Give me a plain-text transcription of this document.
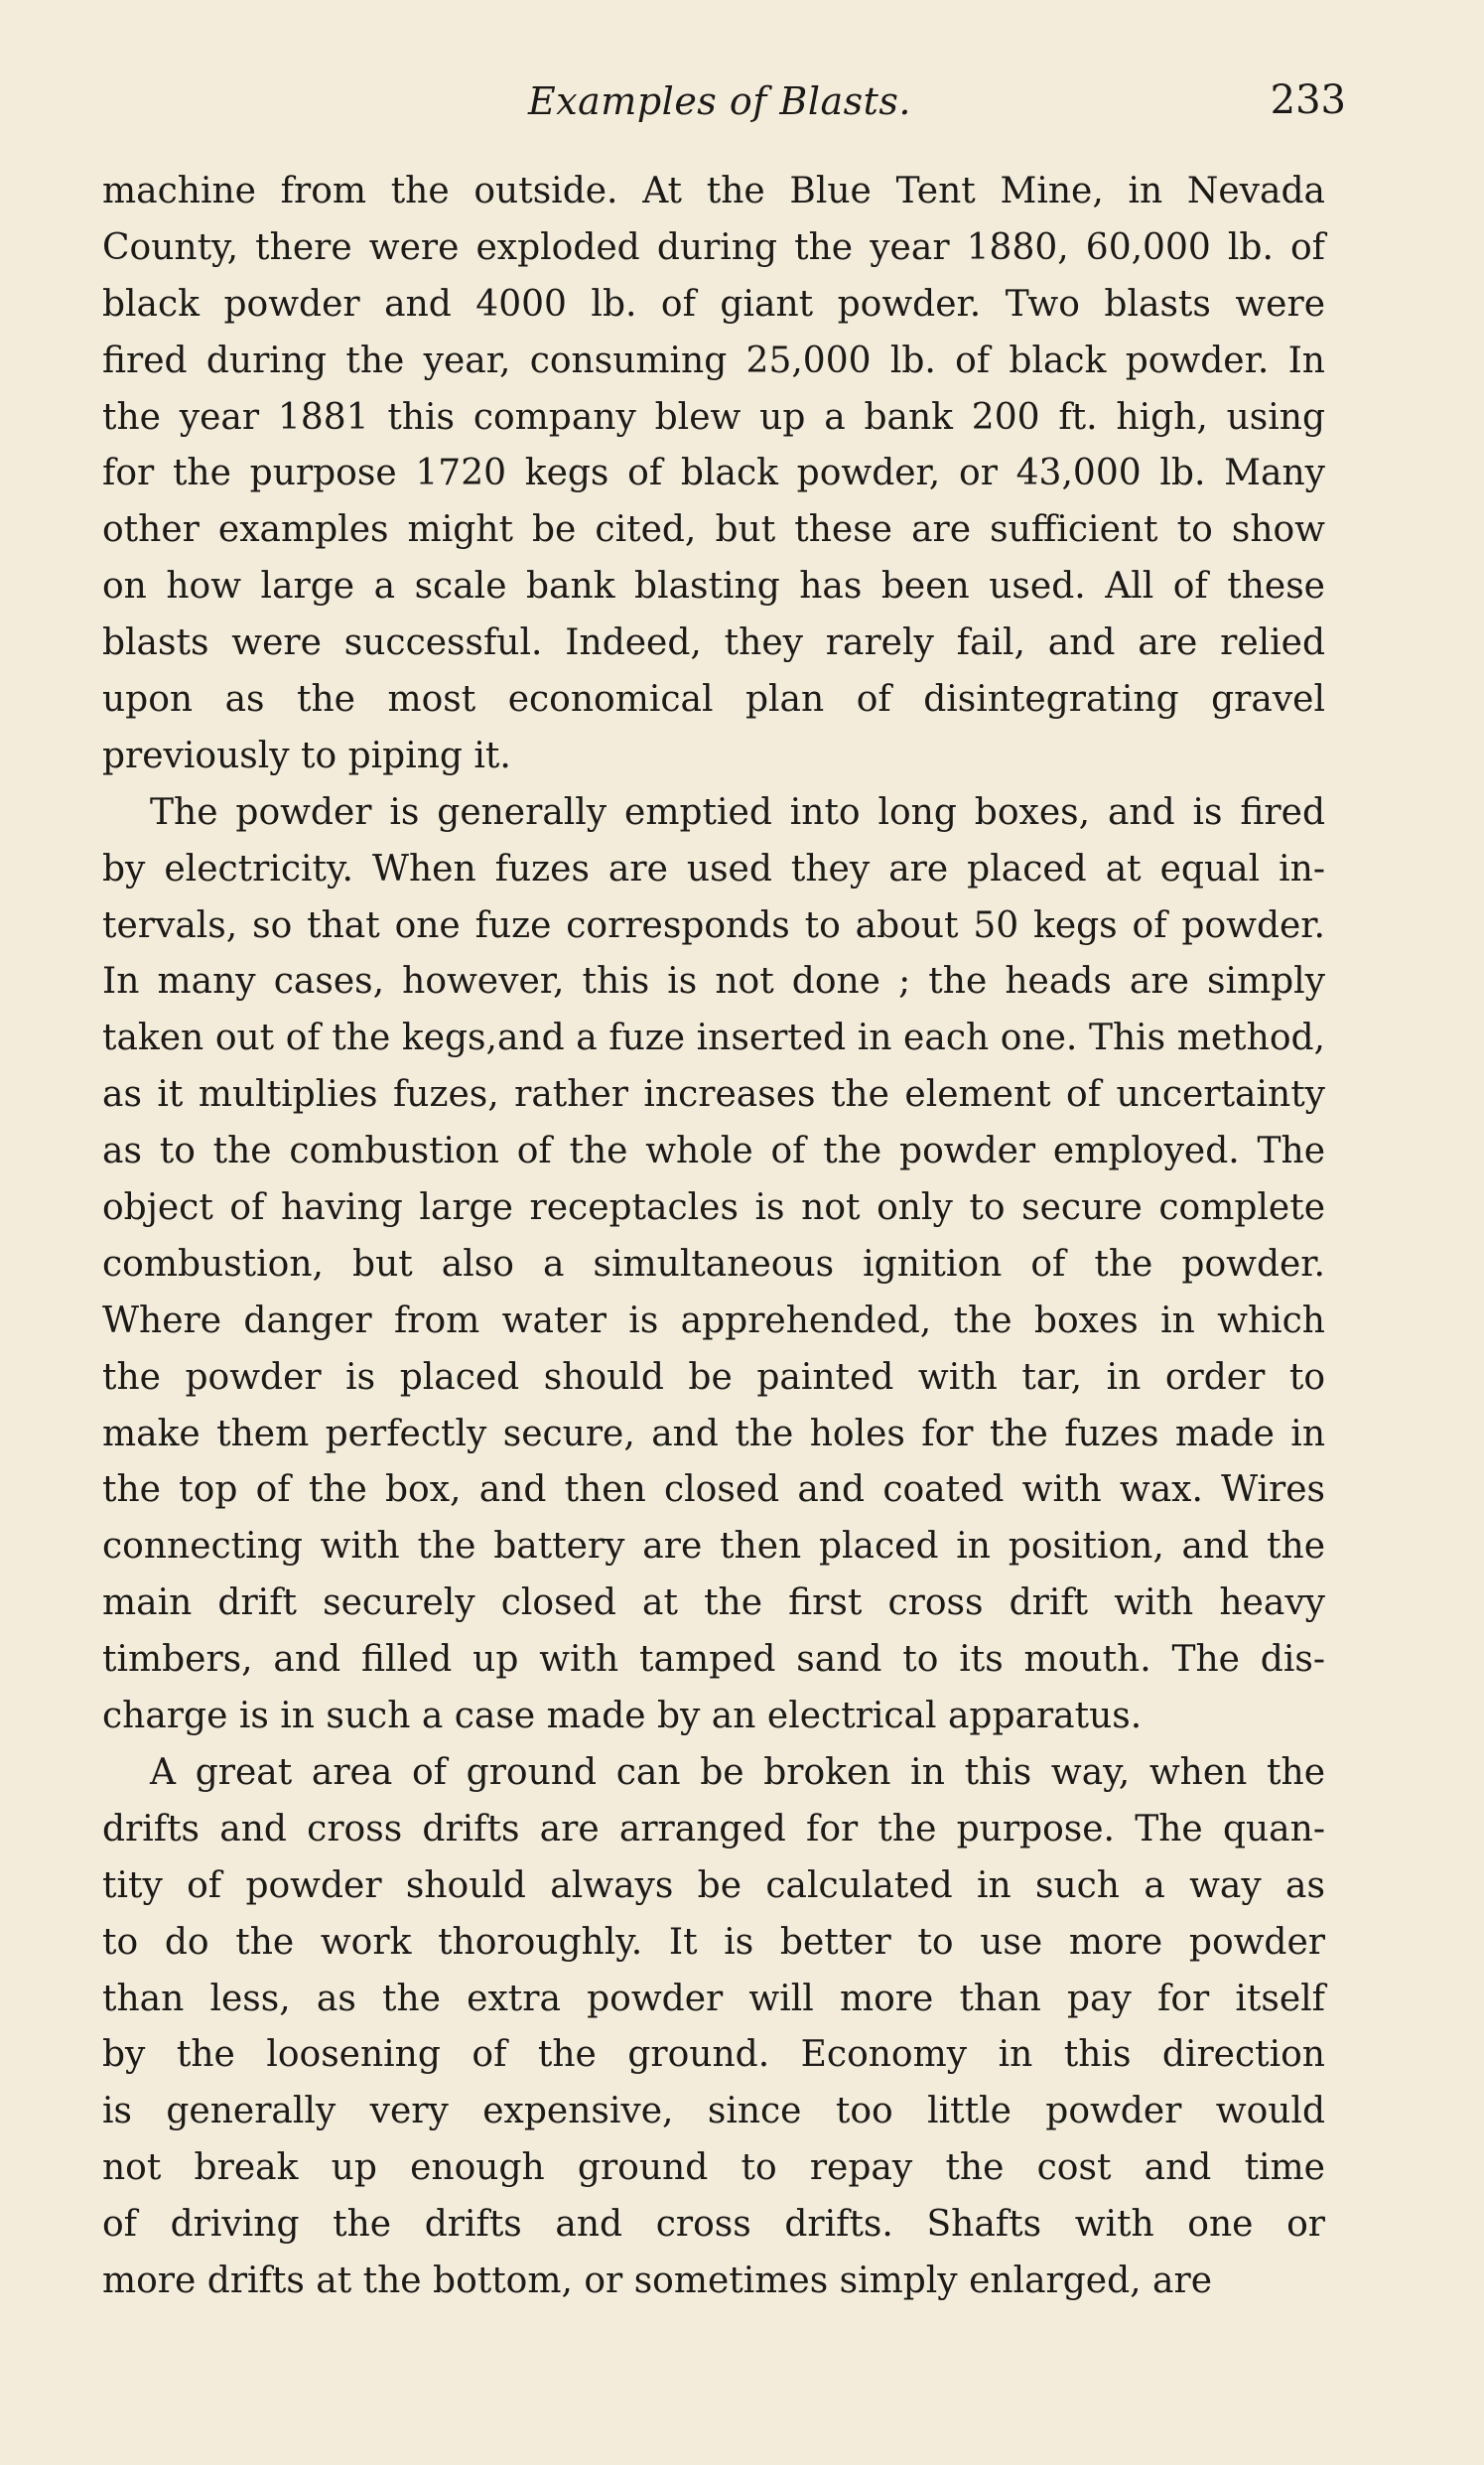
Examples of Blasts.	233
machine from the outside. At the Blue Tent Mine, in Nevada
County, there were exploded during the year 1880, 60,000 lb. of
black powder and 4000 lb. of giant powder. Two blasts were
fired during the year, consuming 25,000 lb. of black powder. In
the year 1881 this company blew up a bank 200 ft. high, using
for the purpose 1720 kegs of black powder, or 43,000 lb. Many
other examples might be cited, but these are sufficient to show
on how large a scale bank blasting has been used. All of these
blasts were successful. Indeed, they rarely fail, and are relied
upon as the most economical plan of disintegrating gravel
previously to piping it.
The powder is generally emptied into long boxes, and is fired
by electricity. When fuzes are used they are placed at equal in-
tervals, so that one fuze corresponds to about 50 kegs of powder.
In many cases, however, this is not done ; the heads are simply
taken out of the kegs,and a fuze inserted in each one. This method,
as it multiplies fuzes, rather increases the element of uncertainty
as to the combustion of the whole of the powder employed. The
object of having large receptacles is not only to secure complete
combustion, but also a simultaneous ignition of the powder.
Where danger from water is apprehended, the boxes in which
the powder is placed should be painted with tar, in order to
make them perfectly secure, and the holes for the fuzes made in
the top of the box, and then closed and coated with wax. Wires
connecting with the battery are then placed in position, and the
main drift securely closed at the first cross drift with heavy
timbers, and filled up with tamped sand to its mouth. The dis-
charge is in such a case made by an electrical apparatus.
A great area of ground can be broken in this way, when the
drifts and cross drifts are arranged for the purpose. The quan-
tity of powder should always be calculated in such a way as
to do the work thoroughly. It is better to use more powder
than less, as the extra powder will more than pay for itself
by the loosening of the ground. Economy in this direction
is generally very expensive, since too little powder would
not break up enough ground to repay the cost and time
of driving the drifts and cross drifts. Shafts with one or
more drifts at the bottom, or sometimes simply enlarged, are
